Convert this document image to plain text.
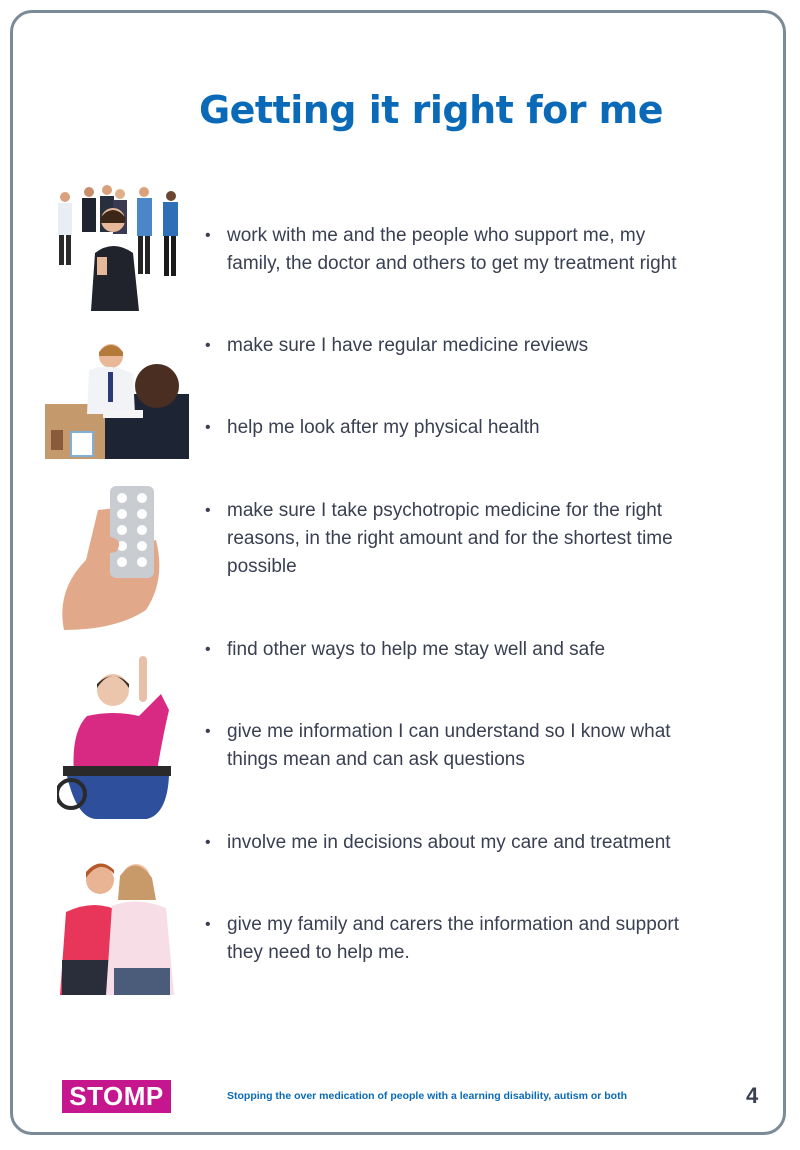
Getting it right for me
• work with me and the people who support me, my family, the doctor and others to get my treatment right
• make sure I have regular medicine reviews
• help me look after my physical health
• make sure I take psychotropic medicine for the right reasons, in the right amount and for the shortest time possible
• find other ways to help me stay well and safe
• give me information I can understand so I know what things mean and can ask questions
• involve me in decisions about my care and treatment
• give my family and carers the information and support they need to help me.
STOMP	Stopping the over medication of people with a learning disability, autism or both	4
